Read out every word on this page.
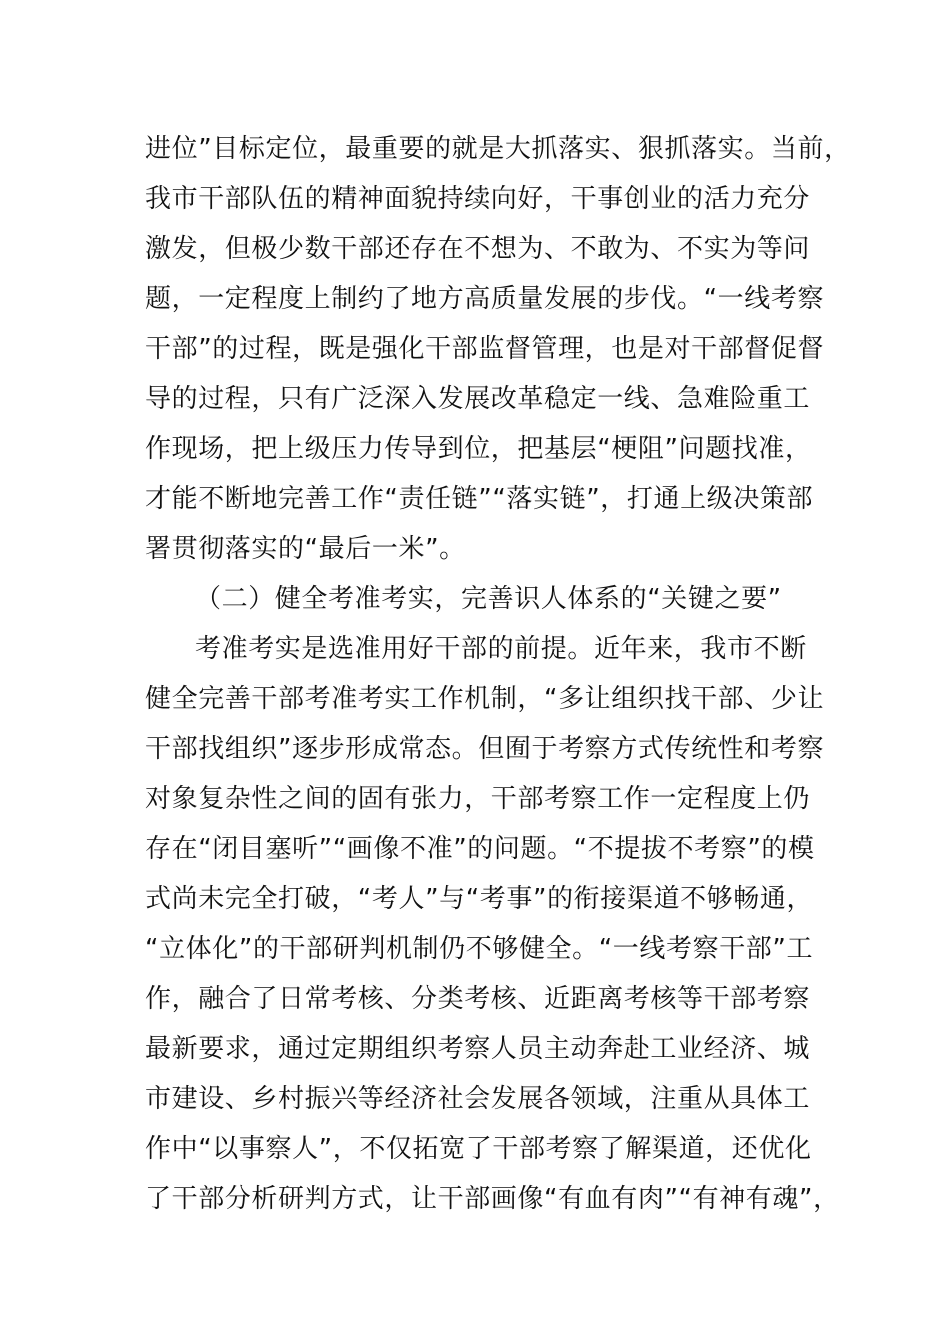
进位”目标定位，最重要的就是大抓落实、狠抓落实。当前，
我市干部队伍的精神面貌持续向好，干事创业的活力充分
激发，但极少数干部还存在不想为、不敢为、不实为等问
题，一定程度上制约了地方高质量发展的步伐。“一线考察
干部”的过程，既是强化干部监督管理，也是对干部督促督
导的过程，只有广泛深入发展改革稳定一线、急难险重工
作现场，把上级压力传导到位，把基层“梗阻”问题找准，
才能不断地完善工作“责任链”“落实链”，打通上级决策部
署贯彻落实的“最后一米”。
（二）健全考准考实，完善识人体系的“关键之要”
考准考实是选准用好干部的前提。近年来，我市不断
健全完善干部考准考实工作机制，“多让组织找干部、少让
干部找组织”逐步形成常态。但囿于考察方式传统性和考察
对象复杂性之间的固有张力，干部考察工作一定程度上仍
存在“闭目塞听”“画像不准”的问题。“不提拔不考察”的模
式尚未完全打破，“考人”与“考事”的衔接渠道不够畅通，
“立体化”的干部研判机制仍不够健全。“一线考察干部”工
作，融合了日常考核、分类考核、近距离考核等干部考察
最新要求，通过定期组织考察人员主动奔赴工业经济、城
市建设、乡村振兴等经济社会发展各领域，注重从具体工
作中“以事察人”，不仅拓宽了干部考察了解渠道，还优化
了干部分析研判方式，让干部画像“有血有肉”“有神有魂”，
